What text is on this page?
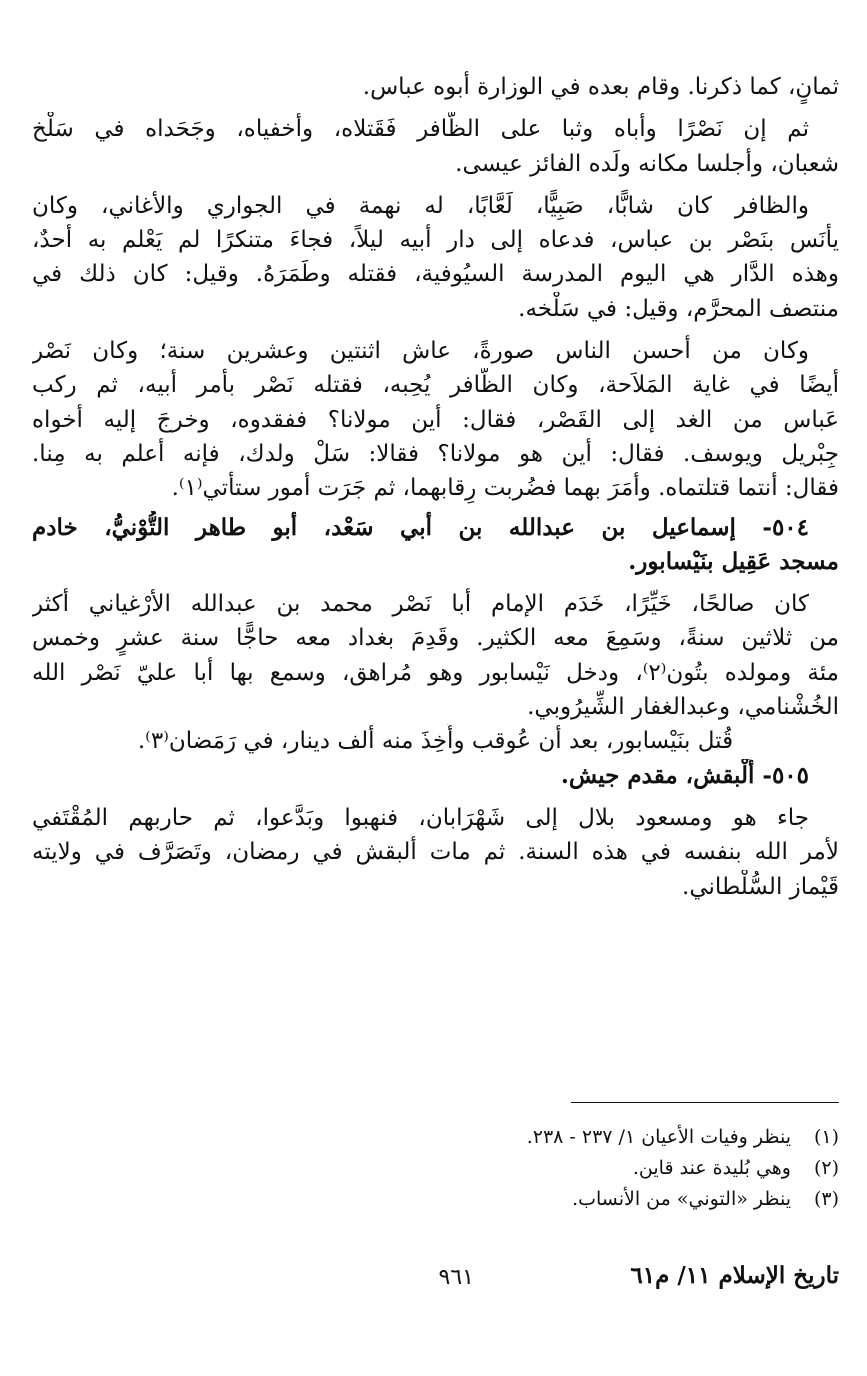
ثمانٍ، كما ذكرنا. وقام بعده في الوزارة أبوه عباس.
ثم إن نَصْرًا وأباه وثبا على الظَّافر فَقَتلاه، وأخفياه، وجَحَداه في سَلْخ
شعبان، وأجلسا مكانه ولَده الفائز عيسى.
والظافر كان شابًّا، صَبِيًّا، لَعَّابًا، له نهمة في الجواري والأغاني، وكان
يأْنَس بنَصْر بن عباس، فدعاه إلى دار أبيه ليلاً، فجاءَ متنكرًا لم يَعْلم به أحدٌ،
وهذه الدَّار هي اليوم المدرسة السيُوفية، فقتله وطَمَرَهُ. وقيل: كان ذلك في
منتصف المحرَّم، وقيل: في سَلْخه.
وكان من أحسن الناس صورةً، عاش اثنتين وعشرين سنة؛ وكان نَصْر
أيضًا في غاية المَلاَحة، وكان الظَّافر يُحِبه، فقتله نَصْر بأمر أبيه، ثم ركب
عَباس من الغد إلى القَصْر، فقال: أين مولانا؟ ففقدوه، وخرجَ إليه أخواه
جِبْريل ويوسف. فقال: أين هو مولانا؟ فقالا: سَلْ ولدك، فإنه أعلم به مِنا.
فقال: أنتما قتلتماه. وأمَرَ بهما فضُربت رِقابهما، ثم جَرَت أمور ستأتي⁽١⁾.
٥٠٤- إسماعيل بن عبدالله بن أبي سَعْد، أبو طاهر التُّوْنيُّ، خادم
مسجد عَقِيل بنَيْسابور.
كان صالحًا، خَيِّرًا، خَدَم الإمام أبا نَصْر محمد بن عبدالله الأرْغياني أكثر
من ثلاثين سنةً، وسَمِعَ معه الكثير. وقَدِمَ بغداد معه حاجًّا سنة عشرٍ وخمس
مئة ومولده بتُون⁽٢⁾، ودخل نَيْسابور وهو مُراهق، وسمع بها أبا عليّ نَصْر الله
الخُشْنامي، وعبدالغفار الشِّيرُوبي.
قُتل بنَيْسابور، بعد أن عُوقب وأُخِذَ منه ألف دينار، في رَمَضان⁽٣⁾.
٥٠٥- أَلْبقش، مقدم جيش.
جاء هو ومسعود بلال إلى شَهْرَابان، فنهبوا وبَدَّعوا، ثم حاربهم المُقْتَفي
لأمر الله بنفسه في هذه السنة. ثم مات أَلبقش في رمضان، وتَصَرَّف في ولايته
قَيْماز السُّلْطاني.
(١)ينظر وفيات الأعيان ١/ ٢٣٧ - ٢٣٨.
(٢)وهي بُليدة عند قاين.
(٣)ينظر «التوني» من الأنساب.
تاريخ الإسلام ١١/ م٦١
٩٦١
